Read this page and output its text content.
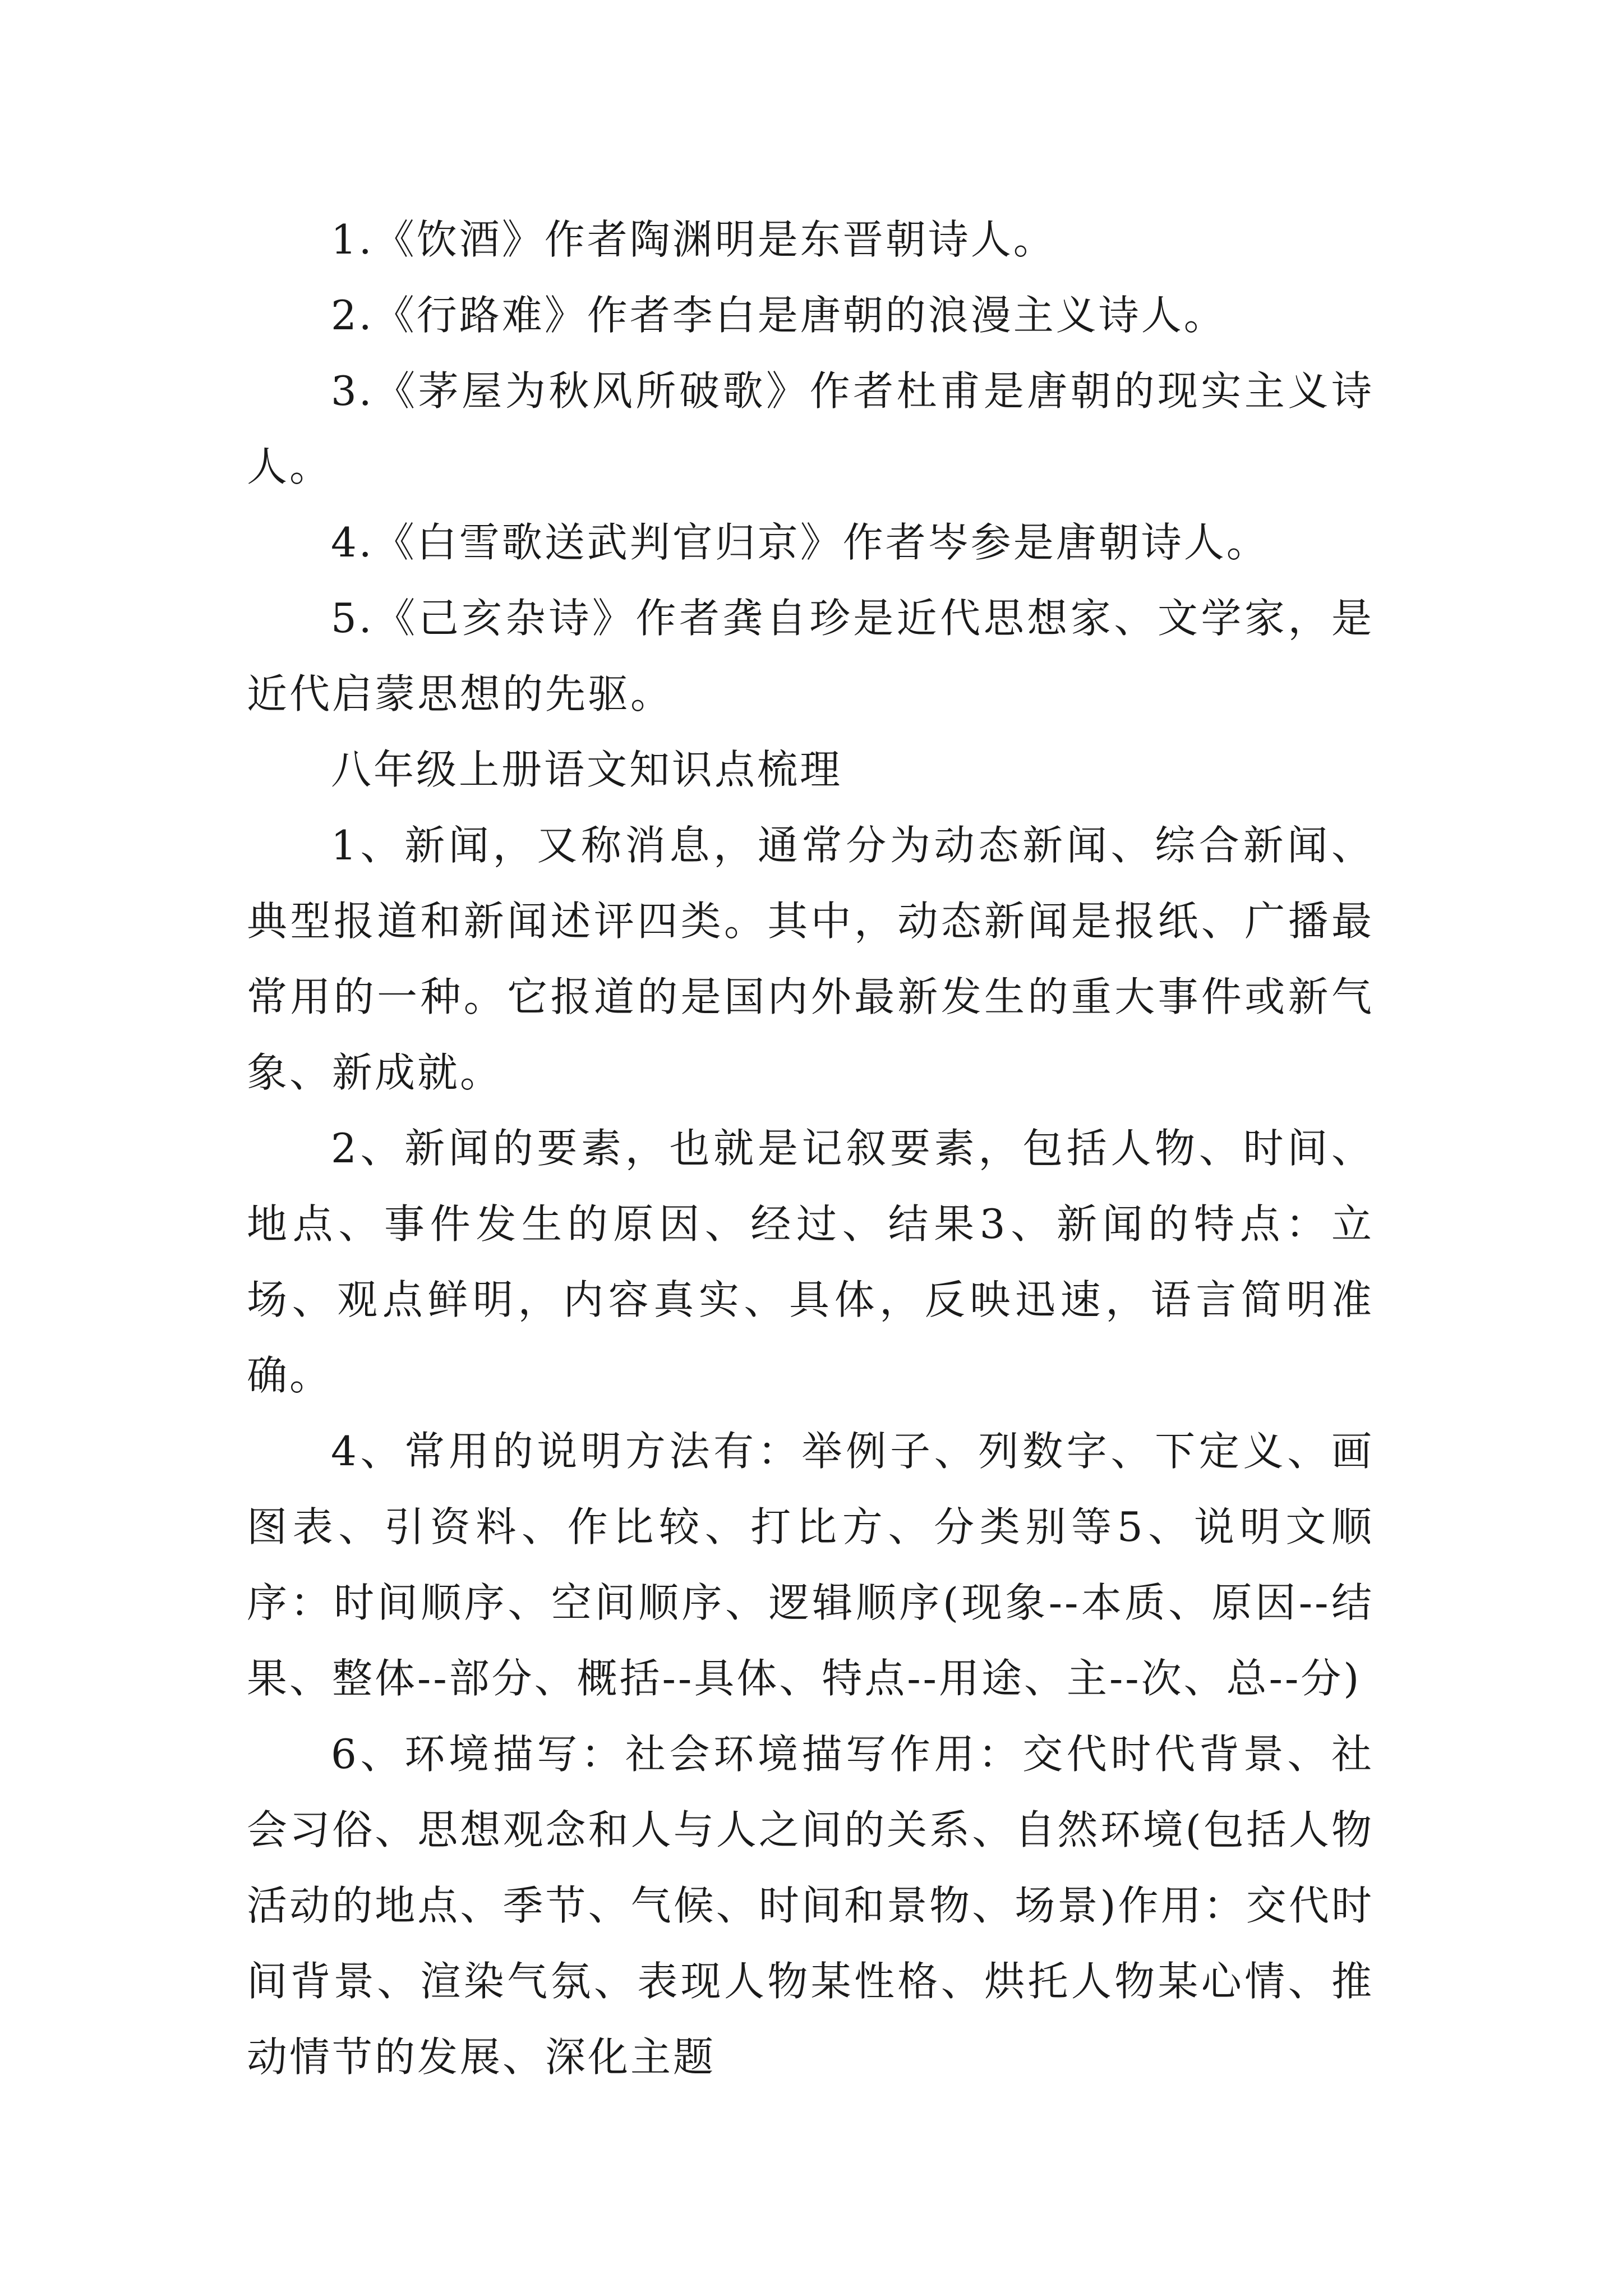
1.《饮酒》作者陶渊明是东晋朝诗人。

2.《行路难》作者李白是唐朝的浪漫主义诗人。

3.《茅屋为秋风所破歌》作者杜甫是唐朝的现实主义诗人。

4.《白雪歌送武判官归京》作者岑参是唐朝诗人。

5.《己亥杂诗》作者龚自珍是近代思想家、文学家，是近代启蒙思想的先驱。

八年级上册语文知识点梳理

1、新闻，又称消息，通常分为动态新闻、综合新闻、典型报道和新闻述评四类。其中，动态新闻是报纸、广播最常用的一种。它报道的是国内外最新发生的重大事件或新气象、新成就。

2、新闻的要素，也就是记叙要素，包括人物、时间、地点、事件发生的原因、经过、结果3、新闻的特点：立场、观点鲜明，内容真实、具体，反映迅速，语言简明准确。

4、常用的说明方法有：举例子、列数字、下定义、画图表、引资料、作比较、打比方、分类别等5、说明文顺序：时间顺序、空间顺序、逻辑顺序(现象--本质、原因--结果、整体--部分、概括--具体、特点--用途、主--次、总--分)

6、环境描写：社会环境描写作用：交代时代背景、社会习俗、思想观念和人与人之间的关系、自然环境(包括人物活动的地点、季节、气候、时间和景物、场景)作用：交代时间背景、渲染气氛、表现人物某性格、烘托人物某心情、推动情节的发展、深化主题
